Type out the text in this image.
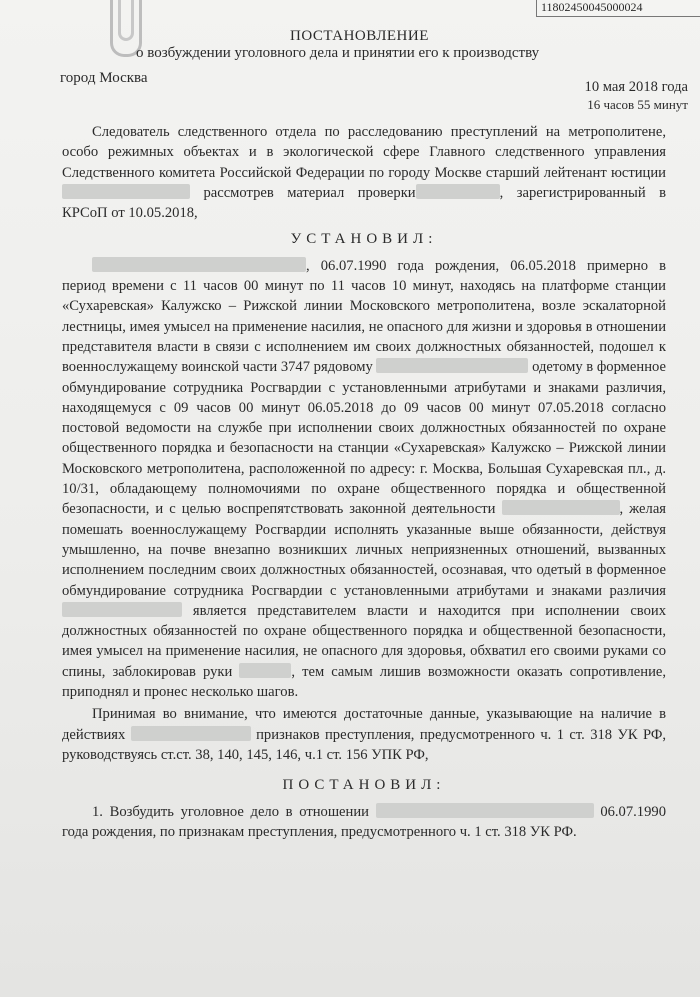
11802450045000024
ПОСТАНОВЛЕНИЕ
о возбуждении уголовного дела и принятии его к производству
город Москва
10 мая 2018 года
16 часов 55 минут

Следователь следственного отдела по расследованию преступлений на метрополитене, особо режимных объектах и в экологической сфере Главного следственного управления Следственного комитета Российской Федерации по городу Москве старший лейтенант юстиции  рассмотрев материал проверки	, зарегистрированный в КРСоП от 10.05.2018,

УСТАНОВИЛ:

, 06.07.1990 года рождения, 06.05.2018 примерно в период времени с 11 часов 00 минут по 11 часов 10 минут, находясь на платформе станции «Сухаревская» Калужско – Рижской линии Московского метрополитена, возле эскалаторной лестницы, имея умысел на применение насилия, не опасного для жизни и здоровья в отношении представителя власти в связи с исполнением им своих должностных обязанностей, подошел к военнослужащему воинской части 3747 рядовому	одетому в форменное обмундирование сотрудника Росгвардии с установленными атрибутами и знаками различия, находящемуся с 09 часов 00 минут 06.05.2018 до 09 часов 00 минут 07.05.2018 согласно постовой ведомости на службе при исполнении своих должностных обязанностей по охране общественного порядка и безопасности на станции «Сухаревская» Калужско – Рижской линии Московского метрополитена, расположенной по адресу: г. Москва, Большая Сухаревская пл., д. 10/31, обладающему полномочиями по охране общественного порядка и общественной безопасности, и с целью воспрепятствовать законной деятельности	, желая помешать военнослужащему Росгвардии исполнять указанные выше обязанности, действуя умышленно, на почве внезапно возникших личных неприязненных отношений, вызванных исполнением последним своих должностных обязанностей, осознавая, что одетый в форменное обмундирование сотрудника Росгвардии с установленными атрибутами и знаками различия  является представителем власти и находится при исполнении своих должностных обязанностей по охране общественного порядка и общественной безопасности, имея умысел на применение насилия, не опасного для здоровья, обхватил его своими руками со спины, заблокировав руки	, тем самым лишив возможности оказать сопротивление, приподнял и пронес несколько шагов.

Принимая во внимание, что имеются достаточные данные, указывающие на наличие в действиях	признаков преступления, предусмотренного ч. 1 ст. 318 УК РФ, руководствуясь ст.ст. 38, 140, 145, 146, ч.1 ст. 156 УПК РФ,

ПОСТАНОВИЛ:

1. Возбудить уголовное дело в отношении	06.07.1990 года рождения, по признакам преступления, предусмотренного ч. 1 ст. 318 УК РФ.
